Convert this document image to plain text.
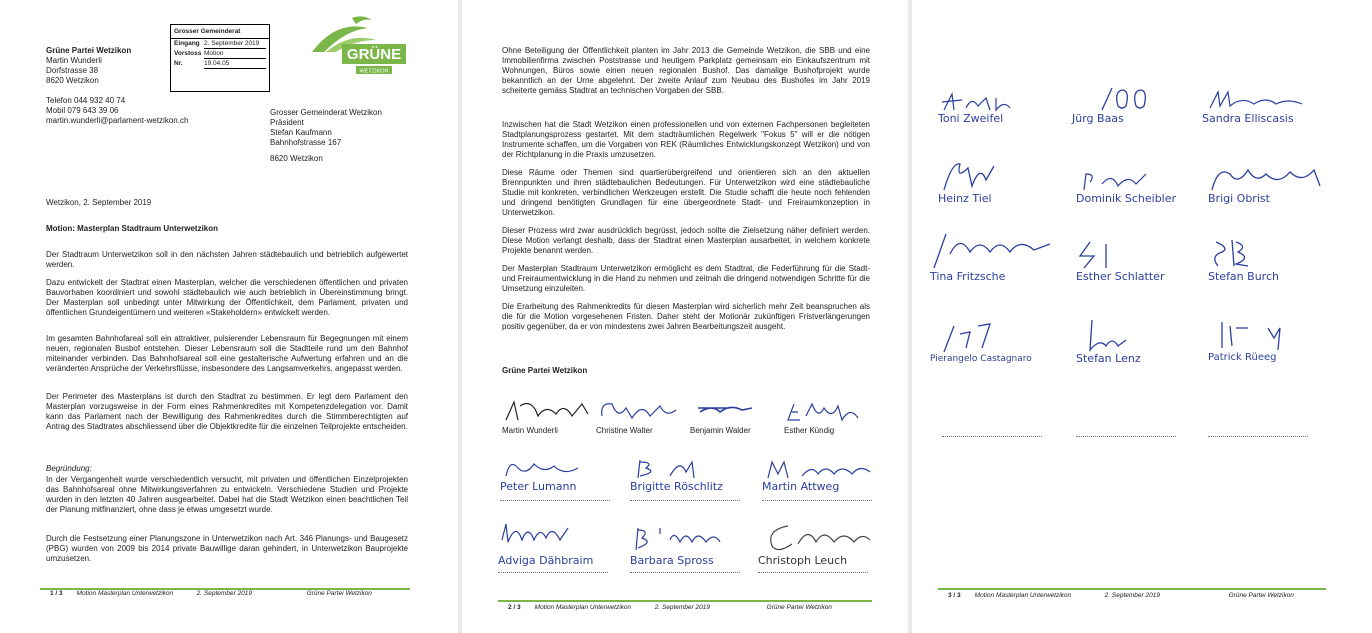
Grüne Partei Wetzikon
Martin Wunderli
Dorfstrasse 38
8620 Wetzikon
Telefon 044 932 40 74
Mobil 079 643 39 06
martin.wunderli@parlament-wetzikon.ch
Grosser Gemeinderat
Eingang 2. September 2019
Vorstoss Motion
Nr.	19.04.05
GRÜNE
WETZIKON
Grosser Gemeinderat Wetzikon
Präsident
Stefan Kaufmann
Bahnhofstrasse 167
8620 Wetzikon
Wetzikon, 2. September 2019
Motion: Masterplan Stadtraum Unterwetzikon
Der Stadtraum Unterwetzikon soll in den nächsten Jahren städtebaulich und betrieblich aufgewertet werden.
Dazu entwickelt der Stadtrat einen Masterplan, welcher die verschiedenen öffentlichen und privaten Bauvorhaben koordiniert und sowohl städtebaulich wie auch betrieblich in Übereinstimmung bringt. Der Masterplan soll unbedingt unter Mitwirkung der Öffentlichkeit, dem Parlament, privaten und öffentlichen Grundeigentümern und weiteren «Stakeholdern» entwickelt werden.
Im gesamten Bahnhofareal soll ein attraktiver, pulsierender Lebensraum für Begegnungen mit einem neuen, regionalen Busbof entstehen. Dieser Lebensraum soll die Stadtteile rund um den Bahnhof miteinander verbinden. Das Bahnhofsareal soll eine gestalterische Aufwertung erfahren und an die veränderten Ansprüche der Verkehrsflüsse, insbesondere des Langsamverkehrs, angepasst werden.
Der Perimeter des Masterplans ist durch den Stadtrat zu bestimmen. Er legt dem Parlament den Masterplan vorzugsweise in der Form eines Rahmenkredites mit Kompetenzdelegation vor. Damit kann das Parlament nach der Bewilligung des Rahmenkredites durch die Stimmberechtigten auf Antrag des Stadtrates abschliessend über die Objektkredite für die einzelnen Teilprojekte entscheiden.
Begründung:
In der Vergangenheit wurde verschiedentlich versucht, mit privaten und öffentlichen Einzelprojekten das Bahnhofsareal ohne Mitwirkungsverfahren zu entwickeln. Verschiedene Studien und Projekte wurden in den letzten 40 Jahren ausgearbeitet. Dabei hat die Stadt Wetzikon einen beachtlichen Teil der Planung mitfinanziert, ohne dass je etwas umgesetzt wurde.
Durch die Festsetzung einer Planungszone in Unterwetzikon nach Art. 346 Planungs- und Baugesetz (PBG) wurden von 2009 bis 2014 private Bauwillige daran gehindert, in Unterwetzikon Bauprojekte umzusetzen.
1 / 3 Motion Masterplan Unterwetzikon	2. September 2019	Grüne Partei Wetzikon
Ohne Beteiligung der Öffentlichkeit planten im Jahr 2013 die Gemeinde Wetzikon, die SBB und eine Immobilienfirma zwischen Poststrasse und heutigem Parkplatz gemeinsam ein Einkaufszentrum mit Wohnungen, Büros sowie einen neuen regionalen Bushof. Das damalige Bushofprojekt wurde bekanntlich an der Urne abgelehnt. Der zweite Anlauf zum Neubau des Bushofes im Jahr 2019 scheiterte gemäss Stadtrat an technischen Vorgaben der SBB.
Inzwischen hat die Stadt Wetzikon einen professionellen und von externen Fachpersonen begleiteten Stadtplanungsprozess gestartet. Mit dem stadträumlichen Regelwerk "Fokus 5" will er die nötigen Instrumente schaffen, um die Vorgaben von REK (Räumliches Entwicklungskonzept Wetzikon) und von der Richtplanung in die Praxis umzusetzen.
Diese Räume oder Themen sind quartierübergreifend und orientieren sich an den aktuellen Brennpunkten und ihren städtebaulichen Bedeutungen. Für Unterwetzikon wird eine städtebauliche Studie mit konkreten, verbindlichen Werkzeugen erstellt. Die Studie schafft die heute noch fehlenden und dringend benötigten Grundlagen für eine übergeordnete Stadt- und Freiraumkonzeption in Unterwetzikon.
Dieser Prozess wird zwar ausdrücklich begrüsst, jedoch sollte die Zielsetzung näher definiert werden. Diese Motion verlangt deshalb, dass der Stadtrat einen Masterplan ausarbeitet, in welchem konkrete Projekte benannt werden.
Der Masterplan Stadtraum Unterwetzikon ermöglicht es dem Stadtrat, die Federführung für die Stadt- und Freiraumentwicklung in die Hand zu nehmen und zeitnah die dringend notwendigen Schritte für die Umsetzung einzuleiten.
Die Erarbeitung des Rahmenkredits für diesen Masterplan wird sicherlich mehr Zeit beanspruchen als die für die Motion vorgesehenen Fristen. Daher steht der Motionär zukünftigen Fristverlängerungen positiv gegenüber, da er von mindestens zwei Jahren Bearbeitungszeit ausgeht.
Grüne Partei Wetzikon
Martin Wunderli	Christine Walter	Benjamin Walder	Esther Kündig
Peter Lumann	Brigitte Röschlitz	Martin Attweg
Adviga Dähbraim	Barbara Spross	Christoph Leuch
2 / 3 Motion Masterplan Unterwetzikon	2. September 2019	Grüne Partei Wetzikon
Toni Zweifel	Jürg Baas	Sandra Elliscasis
Heinz Tiel	Dominik Scheibler	Brigi Obrist
Tina Fritzsche	Esther Schlatter	Stefan Burch
Pierangelo Castagnaro	Stefan Lenz	Patrick Rüeeg
3 / 3 Motion Masterplan Unterwetzikon	2. September 2019	Grüne Partei Wetzikon
